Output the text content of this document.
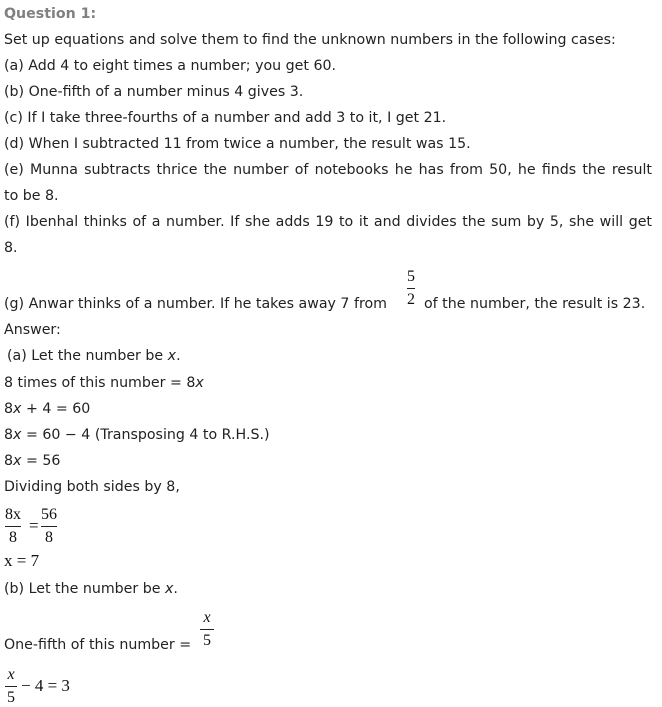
Question 1:
Set up equations and solve them to find the unknown numbers in the following cases:
(a) Add 4 to eight times a number; you get 60.
(b) One-fifth of a number minus 4 gives 3.
(c) If I take three-fourths of a number and add 3 to it, I get 21.
(d) When I subtracted 11 from twice a number, the result was 15.
(e) Munna subtracts thrice the number of notebooks he has from 50, he finds the result
to be 8.
(f) Ibenhal thinks of a number. If she adds 19 to it and divides the sum by 5, she will get
8.
(g) Anwar thinks of a number. If he takes away 7 from
5
2 of the number, the result is 23.
Answer:
(a) Let the number be x.
8 times of this number = 8x
8x + 4 = 60
8x = 60 − 4 (Transposing 4 to R.H.S.)
8x = 56
Dividing both sides by 8,
8x
8
=
56
8
x = 7
(b) Let the number be x.
One-fifth of this number =
x
5
x
5
− 4 = 3
